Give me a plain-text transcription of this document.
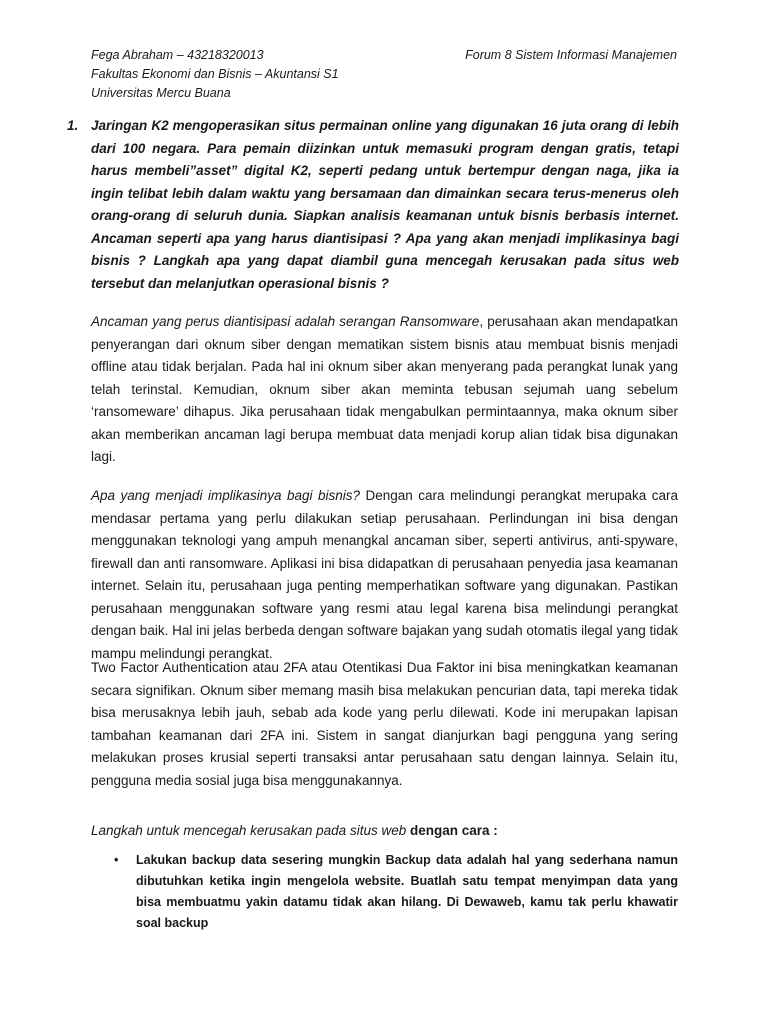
Fega Abraham – 43218320013
Fakultas Ekonomi dan Bisnis – Akuntansi S1
Universitas Mercu Buana
Forum 8 Sistem Informasi Manajemen
1. Jaringan K2 mengoperasikan situs permainan online yang digunakan 16 juta orang di lebih dari 100 negara. Para pemain diizinkan untuk memasuki program dengan gratis, tetapi harus membeli”asset” digital K2, seperti pedang untuk bertempur dengan naga, jika ia ingin telibat lebih dalam waktu yang bersamaan dan dimainkan secara terus-menerus oleh orang-orang di seluruh dunia. Siapkan analisis keamanan untuk bisnis berbasis internet. Ancaman seperti apa yang harus diantisipasi ? Apa yang akan menjadi implikasinya bagi bisnis ? Langkah apa yang dapat diambil guna mencegah kerusakan pada situs web tersebut dan melanjutkan operasional bisnis ?
Ancaman yang perus diantisipasi adalah serangan Ransomware, perusahaan akan mendapatkan penyerangan dari oknum siber dengan mematikan sistem bisnis atau membuat bisnis menjadi offline atau tidak berjalan. Pada hal ini oknum siber akan menyerang pada perangkat lunak yang telah terinstal. Kemudian, oknum siber akan meminta tebusan sejumah uang sebelum ‘ransomeware’ dihapus. Jika perusahaan tidak mengabulkan permintaannya, maka oknum siber akan memberikan ancaman lagi berupa membuat data menjadi korup alian tidak bisa digunakan lagi.
Apa yang menjadi implikasinya bagi bisnis? Dengan cara melindungi perangkat merupaka cara mendasar pertama yang perlu dilakukan setiap perusahaan. Perlindungan ini bisa dengan menggunakan teknologi yang ampuh menangkal ancaman siber, seperti antivirus, anti-spyware, firewall dan anti ransomware. Aplikasi ini bisa didapatkan di perusahaan penyedia jasa keamanan internet. Selain itu, perusahaan juga penting memperhatikan software yang digunakan. Pastikan perusahaan menggunakan software yang resmi atau legal karena bisa melindungi perangkat dengan baik. Hal ini jelas berbeda dengan software bajakan yang sudah otomatis ilegal yang tidak mampu melindungi perangkat.
Two Factor Authentication atau 2FA atau Otentikasi Dua Faktor ini bisa meningkatkan keamanan secara signifikan. Oknum siber memang masih bisa melakukan pencurian data, tapi mereka tidak bisa merusaknya lebih jauh, sebab ada kode yang perlu dilewati. Kode ini merupakan lapisan tambahan keamanan dari 2FA ini. Sistem in sangat dianjurkan bagi pengguna yang sering melakukan proses krusial seperti transaksi antar perusahaan satu dengan lainnya. Selain itu, pengguna media sosial juga bisa menggunakannya.
Langkah untuk mencegah kerusakan pada situs web dengan cara :
• Lakukan backup data sesering mungkin Backup data adalah hal yang sederhana namun dibutuhkan ketika ingin mengelola website. Buatlah satu tempat menyimpan data yang bisa membuatmu yakin datamu tidak akan hilang. Di Dewaweb, kamu tak perlu khawatir soal backup
